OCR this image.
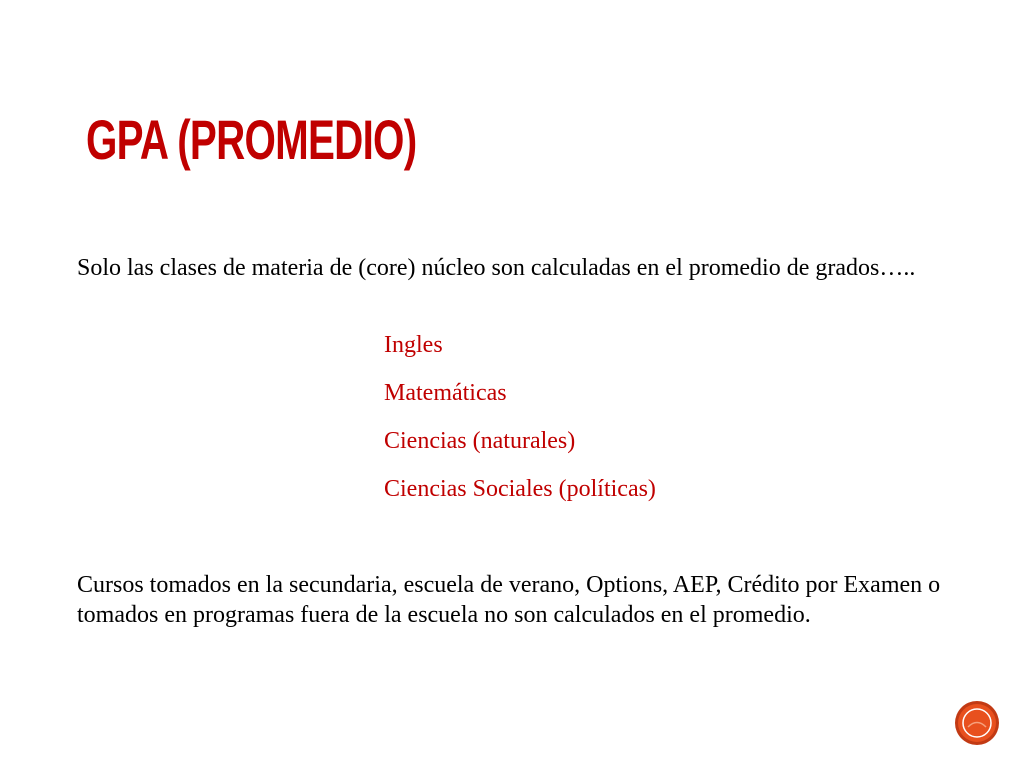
GPA (PROMEDIO)

Solo las clases de materia de (core) núcleo son calculadas en el promedio de grados…..

Ingles
Matemáticas
Ciencias (naturales)
Ciencias Sociales (políticas)

Cursos tomados en la secundaria, escuela de verano, Options, AEP, Crédito por Examen o tomados en programas fuera de la escuela no son calculados en el promedio.
